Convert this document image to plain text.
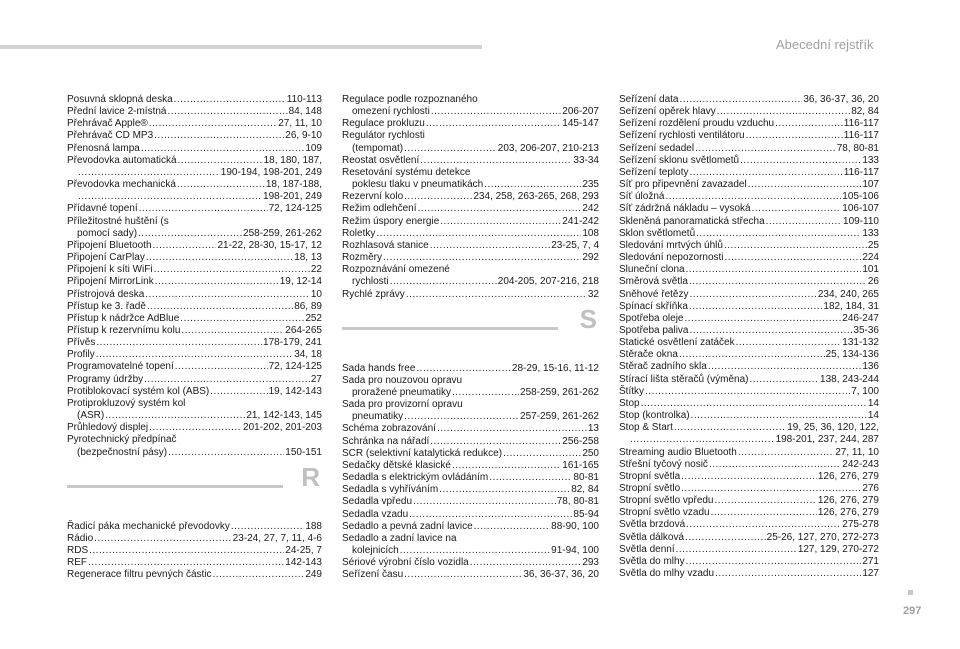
Abecední rejstřík
Posuvná sklopná deska .....	110-113
Přední lavice 2-místná .....	84, 148
Přehrávač Apple® .....	27, 11, 10
Přehrávač CD MP3 .....	26, 9-10
Přenosná lampa .....	109
Převodovka automatická .....	18, 180, 187,
.....
190-194, 198-201, 249
Převodovka mechanická .....	18, 187-188,
.....
198-201, 249
Přídavné topení .....	72, 124-125
Příležitostné huštění (s
pomocí sady) .....	258-259, 261-262
Připojení Bluetooth .....	21-22, 28-30, 15-17, 12
Připojení CarPlay .....	18, 13
Připojení k síti WiFi .....	22
Připojení MirrorLink .....	19, 12-14
Přístrojová deska .....	10
Přístup ke 3. řadě .....	86, 89
Přístup k nádržce AdBlue .....	252
Přístup k rezervnímu kolu .....	264-265
Přívěs .....	178-179, 241
Profily .....	34, 18
Programovatelné topení .....	72, 124-125
Programy údržby .....	27
Protiblokovací systém kol (ABS) .....	19, 142-143
Protiprokluzový systém kol
(ASR) .....	21, 142-143, 145
Průhledový displej .....	201-202, 201-203
Pyrotechnický předpínač
(bezpečnostní pásy) .....	150-151
R
Řadicí páka mechanické převodovky .....	188
Rádio .....	23-24, 27, 7, 11, 4-6
RDS .....	24-25, 7
REF .....	142-143
Regenerace filtru pevných částic .....	249
Regulace podle rozpoznaného
omezení rychlosti .....	206-207
Regulace prokluzu .....	145-147
Regulátor rychlosti
(tempomat) .....	203, 206-207, 210-213
Reostat osvětlení .....	33-34
Resetování systému detekce
poklesu tlaku v pneumatikách .....	235
Rezervní kolo .....	234, 258, 263-265, 268, 293
Režim odlehčení .....	242
Režim úspory energie .....	241-242
Roletky .....	108
Rozhlasová stanice .....	23-25, 7, 4
Rozměry .....	292
Rozpoznávání omezené
rychlosti .....	204-205, 207-216, 218
Rychlé zprávy .....	32
S
Sada hands free .....	28-29, 15-16, 11-12
Sada pro nouzovou opravu
proražené pneumatiky .....	258-259, 261-262
Sada pro provizorní opravu
pneumatiky .....	257-259, 261-262
Schéma zobrazování .....	13
Schránka na nářadí .....	256-258
SCR (selektivní katalytická redukce) .....	250
Sedačky dětské klasické .....	161-165
Sedadla s elektrickým ovládáním .....	80-81
Sedadla s vyhříváním .....	82, 84
Sedadla vpředu .....	78, 80-81
Sedadla vzadu .....	85-94
Sedadlo a pevná zadní lavice .....	88-90, 100
Sedadlo a zadní lavice na
kolejnicích .....	91-94, 100
Sériové výrobní číslo vozidla .....	293
Seřízení času .....	36, 36-37, 36, 20
Seřízení data .....	36, 36-37, 36, 20
Seřízení opěrek hlavy .....	82, 84
Seřízení rozdělení proudu vzduchu .....	116-117
Seřízení rychlosti ventilátoru .....	116-117
Seřízení sedadel .....	78, 80-81
Seřízení sklonu světlometů .....	133
Seřízení teploty .....	116-117
Síť pro připevnění zavazadel .....	107
Síť úložná .....	105-106
Síť zádržná nákladu – vysoká .....	106-107
Skleněná panoramatická střecha .....	109-110
Sklon světlometů .....	133
Sledování mrtvých úhlů .....	25
Sledování nepozornosti .....	224
Sluneční clona .....	101
Směrová světla .....	26
Sněhové řetězy .....	234, 240, 265
Spínací skříňka .....	182, 184, 31
Spotřeba oleje .....	246-247
Spotřeba paliva .....	35-36
Statické osvětlení zatáček .....	131-132
Stěrače okna .....	25, 134-136
Stěrač zadního skla .....	136
Stírací lišta stěračů (výměna) .....	138, 243-244
Štítky .....	7, 100
Stop .....	14
Stop (kontrolka) .....	14
Stop & Start .....	19, 25, 36, 120, 122,
.....
198-201, 237, 244, 287
Streaming audio Bluetooth .....	27, 11, 10
Střešní tyčový nosič .....	242-243
Stropní světla .....	126, 276, 279
Stropní světlo .....	276
Stropní světlo vpředu .....	126, 276, 279
Stropní světlo vzadu .....	126, 276, 279
Světla brzdová .....	275-278
Světla dálková .....	25-26, 127, 270, 272-273
Světla denní .....	127, 129, 270-272
Světla do mlhy .....	271
Světla do mlhy vzadu .....	127
297
